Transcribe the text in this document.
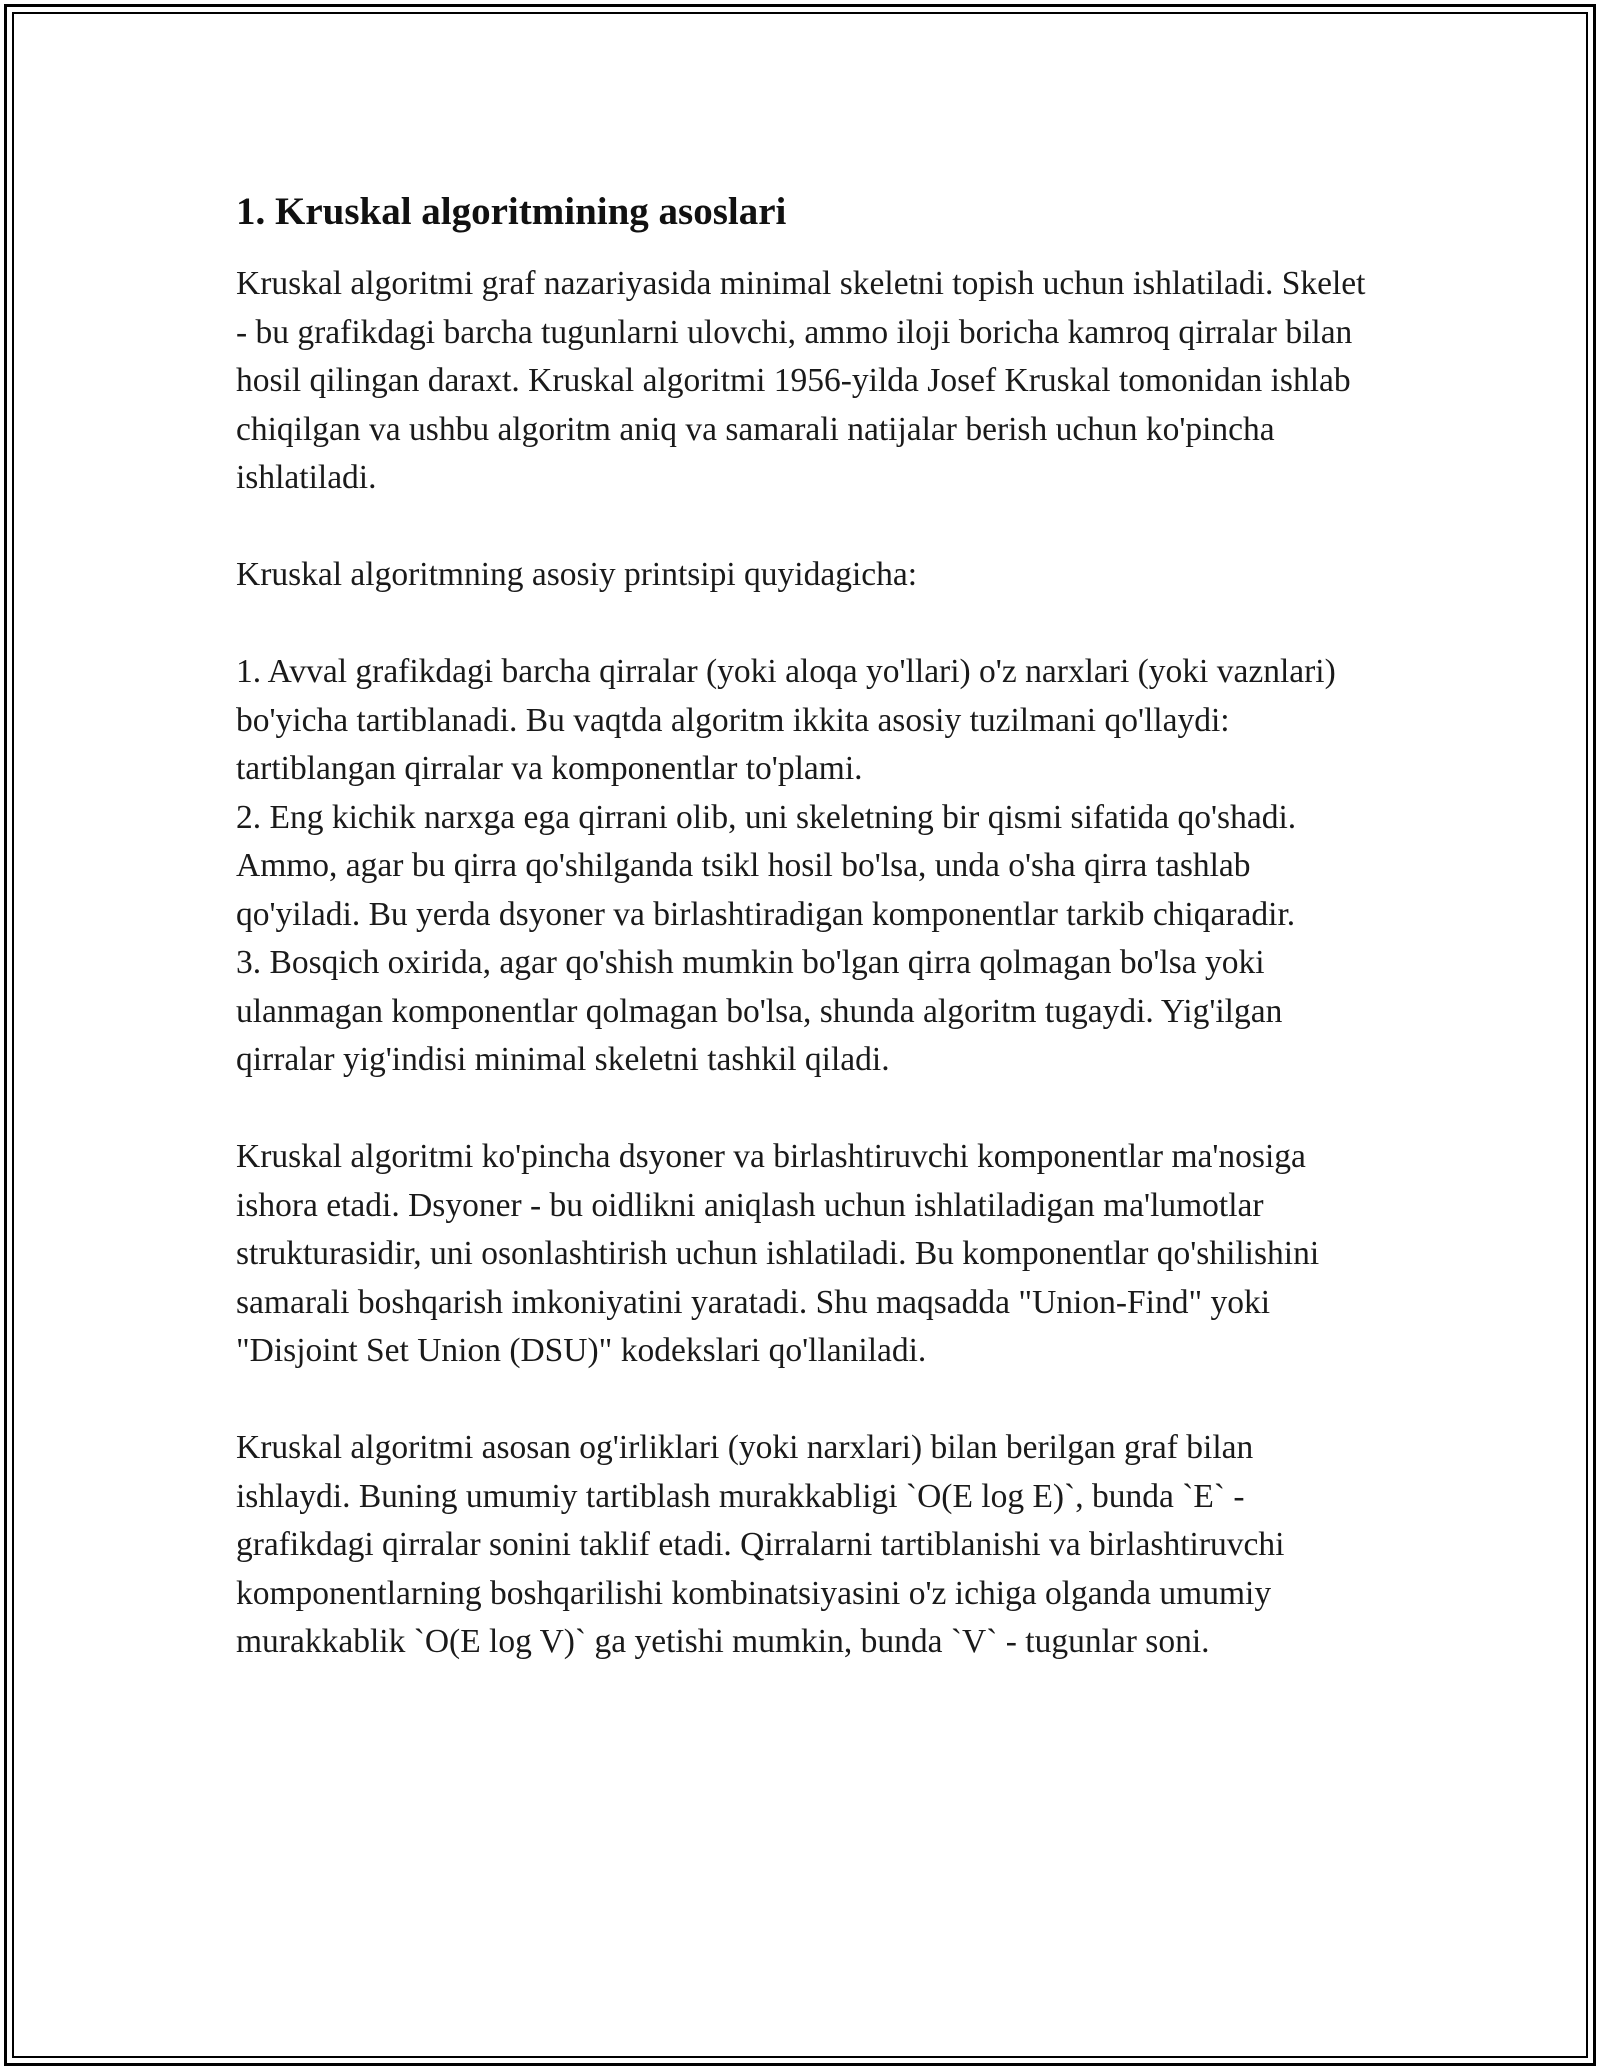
1. Kruskal algoritmining asoslari

Kruskal algoritmi graf nazariyasida minimal skeletni topish uchun ishlatiladi. Skelet - bu grafikdagi barcha tugunlarni ulovchi, ammo iloji boricha kamroq qirralar bilan hosil qilingan daraxt. Kruskal algoritmi 1956-yilda Josef Kruskal tomonidan ishlab chiqilgan va ushbu algoritm aniq va samarali natijalar berish uchun ko'pincha ishlatiladi.

Kruskal algoritmning asosiy printsipi quyidagicha:

1. Avval grafikdagi barcha qirralar (yoki aloqa yo'llari) o'z narxlari (yoki vaznlari) bo'yicha tartiblanadi. Bu vaqtda algoritm ikkita asosiy tuzilmani qo'llaydi: tartiblangan qirralar va komponentlar to'plami.
2. Eng kichik narxga ega qirrani olib, uni skeletning bir qismi sifatida qo'shadi. Ammo, agar bu qirra qo'shilganda tsikl hosil bo'lsa, unda o'sha qirra tashlab qo'yiladi. Bu yerda dsyoner va birlashtiradigan komponentlar tarkib chiqaradir.
3. Bosqich oxirida, agar qo'shish mumkin bo'lgan qirra qolmagan bo'lsa yoki ulanmagan komponentlar qolmagan bo'lsa, shunda algoritm tugaydi. Yig'ilgan qirralar yig'indisi minimal skeletni tashkil qiladi.

Kruskal algoritmi ko'pincha dsyoner va birlashtiruvchi komponentlar ma'nosiga ishora etadi. Dsyoner - bu oidlikni aniqlash uchun ishlatiladigan ma'lumotlar strukturasidir, uni osonlashtirish uchun ishlatiladi. Bu komponentlar qo'shilishini samarali boshqarish imkoniyatini yaratadi. Shu maqsadda "Union-Find" yoki "Disjoint Set Union (DSU)" kodekslari qo'llaniladi.

Kruskal algoritmi asosan og'irliklari (yoki narxlari) bilan berilgan graf bilan ishlaydi. Buning umumiy tartiblash murakkabligi `O(E log E)`, bunda `E` - grafikdagi qirralar sonini taklif etadi. Qirralarni tartiblanishi va birlashtiruvchi komponentlarning boshqarilishi kombinatsiyasini o'z ichiga olganda umumiy murakkablik `O(E log V)` ga yetishi mumkin, bunda `V` - tugunlar soni.
